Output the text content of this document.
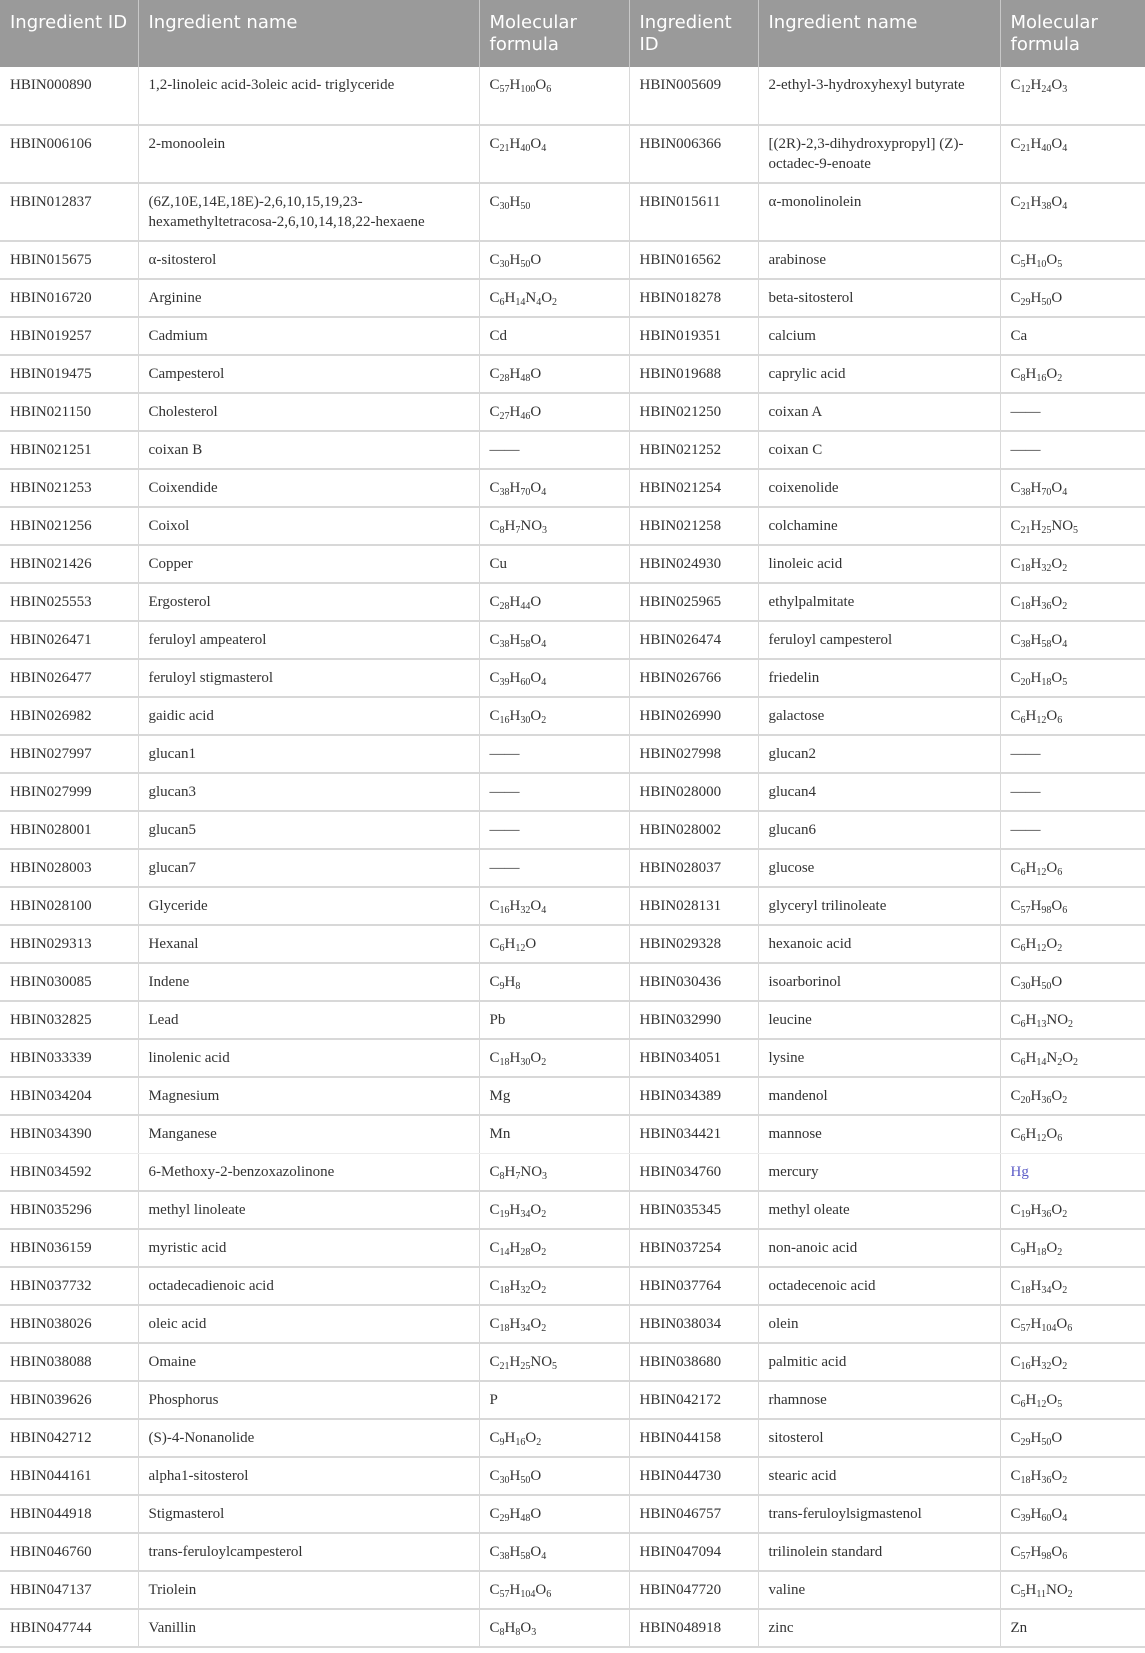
Ingredient ID	Ingredient name	Molecular formula	Ingredient ID	Ingredient name	Molecular formula
HBIN000890	1,2-linoleic acid-3oleic acid- triglyceride	$C_{57}H_{100}O_6$	HBIN005609	2-ethyl-3-hydroxyhexyl butyrate	$C_{12}H_{24}O_3$
HBIN006106	2-monoolein	$C_{21}H_{40}O_4$	HBIN006366	[(2R)-2,3-dihydroxypropyl] (Z)-octadec-9-enoate	$C_{21}H_{40}O_4$
HBIN012837	(6Z,10E,14E,18E)-2,6,10,15,19,23-hexamethyltetracosa-2,6,10,14,18,22-hexaene	$C_{30}H_{50}$	HBIN015611	α-monolinolein	$C_{21}H_{38}O_4$
HBIN015675	α-sitosterol	$C_{30}H_{50}O$	HBIN016562	arabinose	$C_5H_{10}O_5$
HBIN016720	Arginine	$C_6H_{14}N_4O_2$	HBIN018278	beta-sitosterol	$C_{29}H_{50}O$
HBIN019257	Cadmium	Cd	HBIN019351	calcium	Ca
HBIN019475	Campesterol	$C_{28}H_{48}O$	HBIN019688	caprylic acid	$C_8H_{16}O_2$
HBIN021150	Cholesterol	$C_{27}H_{46}O$	HBIN021250	coixan A	——
HBIN021251	coixan B	——	HBIN021252	coixan C	——
HBIN021253	Coixendide	$C_{38}H_{70}O_4$	HBIN021254	coixenolide	$C_{38}H_{70}O_4$
HBIN021256	Coixol	$C_8H_7NO_3$	HBIN021258	colchamine	$C_{21}H_{25}NO_5$
HBIN021426	Copper	Cu	HBIN024930	linoleic acid	$C_{18}H_{32}O_2$
HBIN025553	Ergosterol	$C_{28}H_{44}O$	HBIN025965	ethylpalmitate	$C_{18}H_{36}O_2$
HBIN026471	feruloyl ampeaterol	$C_{38}H_{58}O_4$	HBIN026474	feruloyl campesterol	$C_{38}H_{58}O_4$
HBIN026477	feruloyl stigmasterol	$C_{39}H_{60}O_4$	HBIN026766	friedelin	$C_{20}H_{18}O_5$
HBIN026982	gaidic acid	$C_{16}H_{30}O_2$	HBIN026990	galactose	$C_6H_{12}O_6$
HBIN027997	glucan1	——	HBIN027998	glucan2	——
HBIN027999	glucan3	——	HBIN028000	glucan4	——
HBIN028001	glucan5	——	HBIN028002	glucan6	——
HBIN028003	glucan7	——	HBIN028037	glucose	$C_6H_{12}O_6$
HBIN028100	Glyceride	$C_{16}H_{32}O_4$	HBIN028131	glyceryl trilinoleate	$C_{57}H_{98}O_6$
HBIN029313	Hexanal	$C_6H_{12}O$	HBIN029328	hexanoic acid	$C_6H_{12}O_2$
HBIN030085	Indene	$C_9H_8$	HBIN030436	isoarborinol	$C_{30}H_{50}O$
HBIN032825	Lead	Pb	HBIN032990	leucine	$C_6H_{13}NO_2$
HBIN033339	linolenic acid	$C_{18}H_{30}O_2$	HBIN034051	lysine	$C_6H_{14}N_2O_2$
HBIN034204	Magnesium	Mg	HBIN034389	mandenol	$C_{20}H_{36}O_2$
HBIN034390	Manganese	Mn	HBIN034421	mannose	$C_6H_{12}O_6$
HBIN034592	6-Methoxy-2-benzoxazolinone	$C_8H_7NO_3$	HBIN034760	mercury	Hg
HBIN035296	methyl linoleate	$C_{19}H_{34}O_2$	HBIN035345	methyl oleate	$C_{19}H_{36}O_2$
HBIN036159	myristic acid	$C_{14}H_{28}O_2$	HBIN037254	non-anoic acid	$C_9H_{18}O_2$
HBIN037732	octadecadienoic acid	$C_{18}H_{32}O_2$	HBIN037764	octadecenoic acid	$C_{18}H_{34}O_2$
HBIN038026	oleic acid	$C_{18}H_{34}O_2$	HBIN038034	olein	$C_{57}H_{104}O_6$
HBIN038088	Omaine	$C_{21}H_{25}NO_5$	HBIN038680	palmitic acid	$C_{16}H_{32}O_2$
HBIN039626	Phosphorus	P	HBIN042172	rhamnose	$C_6H_{12}O_5$
HBIN042712	(S)-4-Nonanolide	$C_9H_{16}O_2$	HBIN044158	sitosterol	$C_{29}H_{50}O$
HBIN044161	alpha1-sitosterol	$C_{30}H_{50}O$	HBIN044730	stearic acid	$C_{18}H_{36}O_2$
HBIN044918	Stigmasterol	$C_{29}H_{48}O$	HBIN046757	trans-feruloylsigmastenol	$C_{39}H_{60}O_4$
HBIN046760	trans-feruloylcampesterol	$C_{38}H_{58}O_4$	HBIN047094	trilinolein standard	$C_{57}H_{98}O_6$
HBIN047137	Triolein	$C_{57}H_{104}O_6$	HBIN047720	valine	$C_5H_{11}NO_2$
HBIN047744	Vanillin	$C_8H_8O_3$	HBIN048918	zinc	Zn
